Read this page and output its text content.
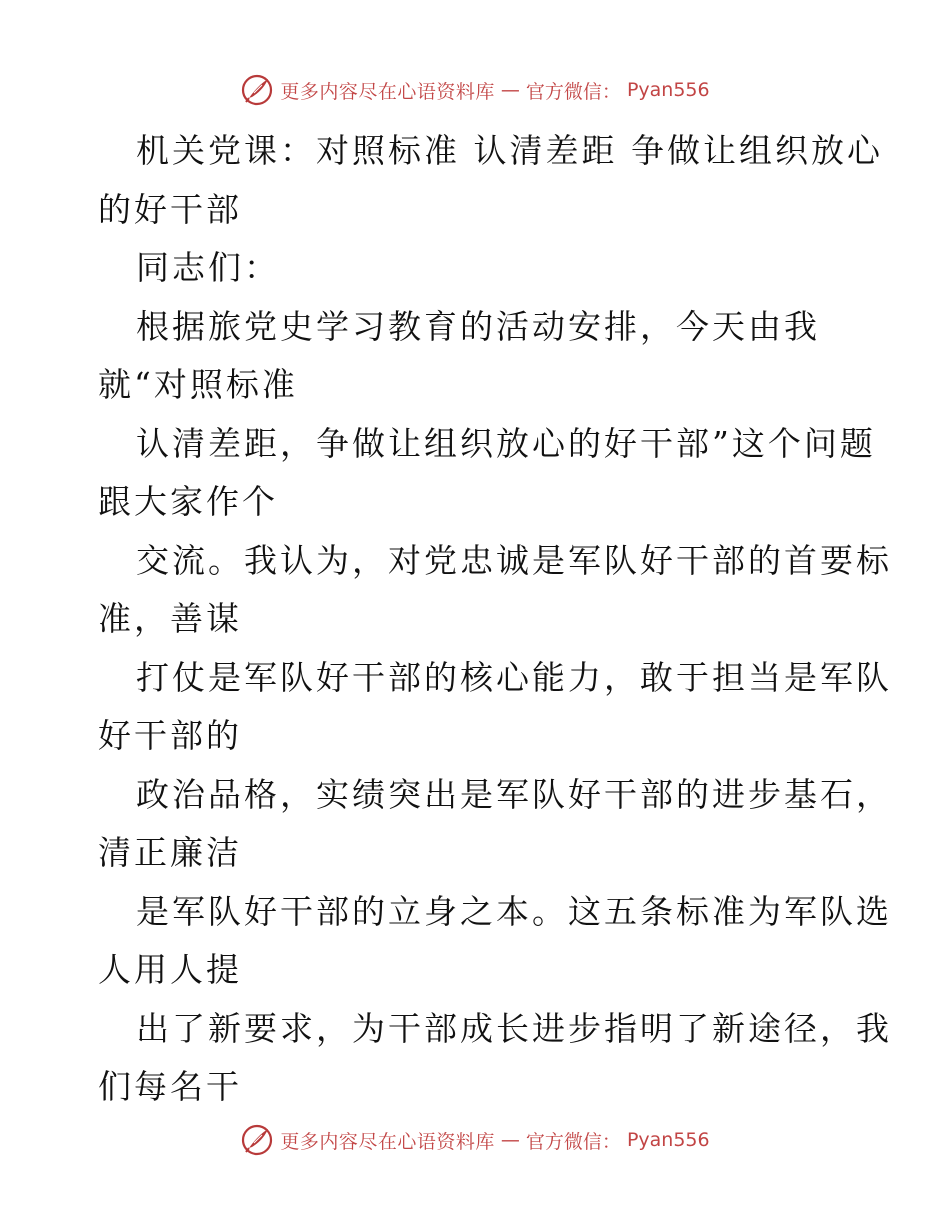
更多内容尽在心语资料库 — 官方微信： Pyan556

机关党课：对照标准 认清差距 争做让组织放心

的好干部

同志们：

根据旅党史学习教育的活动安排，今天由我

就“对照标准

认清差距，争做让组织放心的好干部”这个问题

跟大家作个

交流。我认为，对党忠诚是军队好干部的首要标

准，善谋

打仗是军队好干部的核心能力，敢于担当是军队

好干部的

政治品格，实绩突出是军队好干部的进步基石，

清正廉洁

是军队好干部的立身之本。这五条标准为军队选

人用人提

出了新要求，为干部成长进步指明了新途径，我

们每名干

更多内容尽在心语资料库 — 官方微信： Pyan556
